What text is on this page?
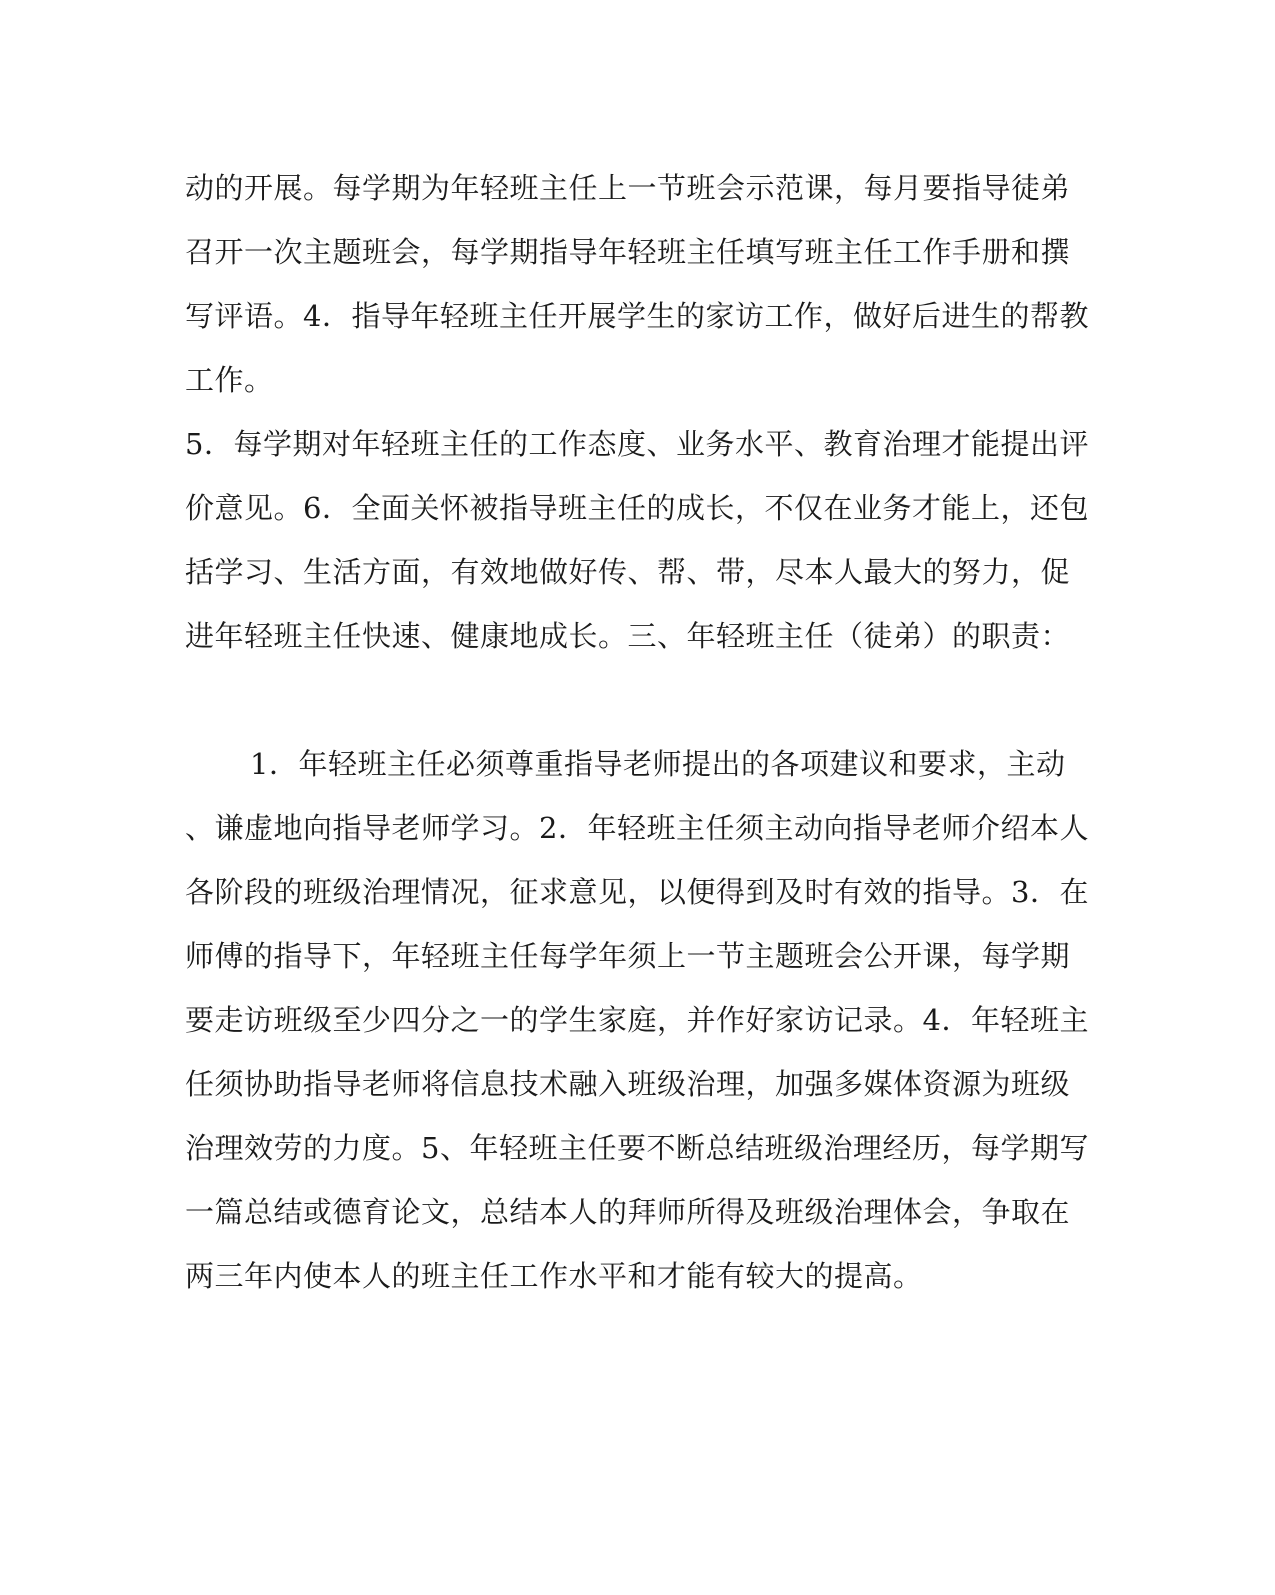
动的开展。每学期为年轻班主任上一节班会示范课，每月要指导徒弟

召开一次主题班会，每学期指导年轻班主任填写班主任工作手册和撰

写评语。4．指导年轻班主任开展学生的家访工作，做好后进生的帮教

工作。

5．每学期对年轻班主任的工作态度、业务水平、教育治理才能提出评

价意见。6．全面关怀被指导班主任的成长，不仅在业务才能上，还包

括学习、生活方面，有效地做好传、帮、带，尽本人最大的努力，促

进年轻班主任快速、健康地成长。三、年轻班主任（徒弟）的职责：

1．年轻班主任必须尊重指导老师提出的各项建议和要求，主动

、谦虚地向指导老师学习。2．年轻班主任须主动向指导老师介绍本人

各阶段的班级治理情况，征求意见，以便得到及时有效的指导。3．在

师傅的指导下，年轻班主任每学年须上一节主题班会公开课，每学期

要走访班级至少四分之一的学生家庭，并作好家访记录。4．年轻班主

任须协助指导老师将信息技术融入班级治理，加强多媒体资源为班级

治理效劳的力度。5、年轻班主任要不断总结班级治理经历，每学期写

一篇总结或德育论文，总结本人的拜师所得及班级治理体会，争取在

两三年内使本人的班主任工作水平和才能有较大的提高。
